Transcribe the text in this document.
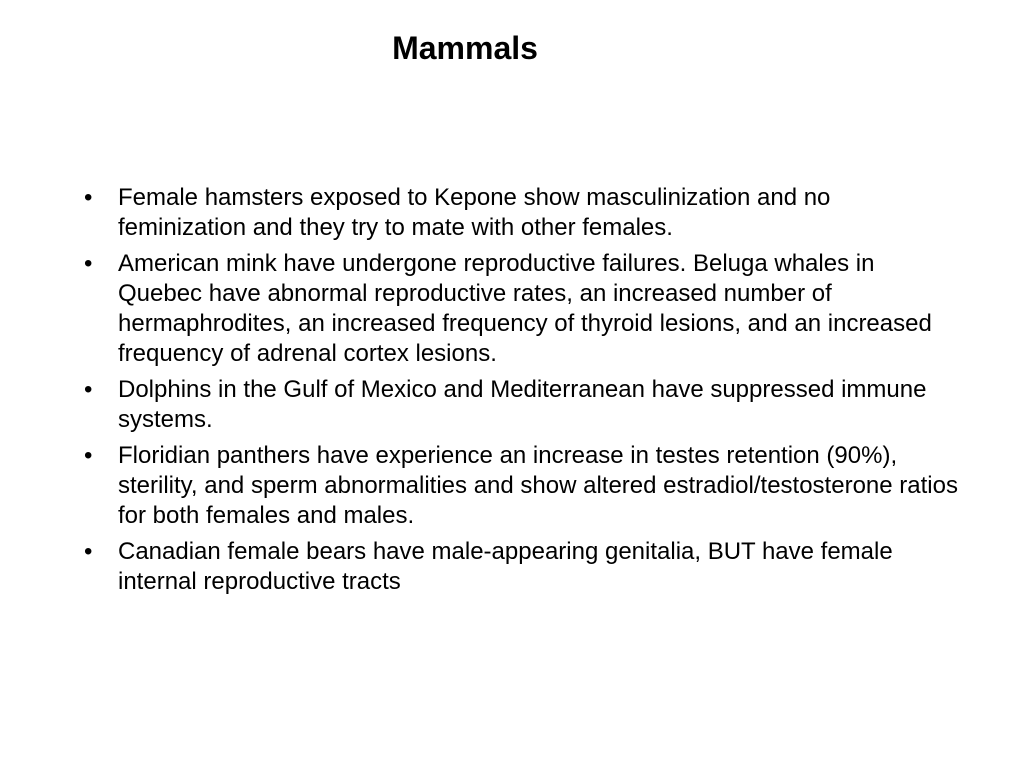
Mammals
•	Female hamsters exposed to Kepone show masculinization and no feminization and they try to mate with other females.
•	American mink have undergone reproductive failures. Beluga whales in Quebec have abnormal reproductive rates, an increased number of hermaphrodites, an increased frequency of thyroid lesions, and an increased frequency of adrenal cortex lesions.
•	Dolphins in the Gulf of Mexico and Mediterranean have suppressed immune systems.
•	Floridian panthers have experience an increase in testes retention (90%), sterility, and sperm abnormalities and show altered estradiol/testosterone ratios for both females and males.
•	Canadian female bears have male-appearing genitalia, BUT have female internal reproductive tracts
